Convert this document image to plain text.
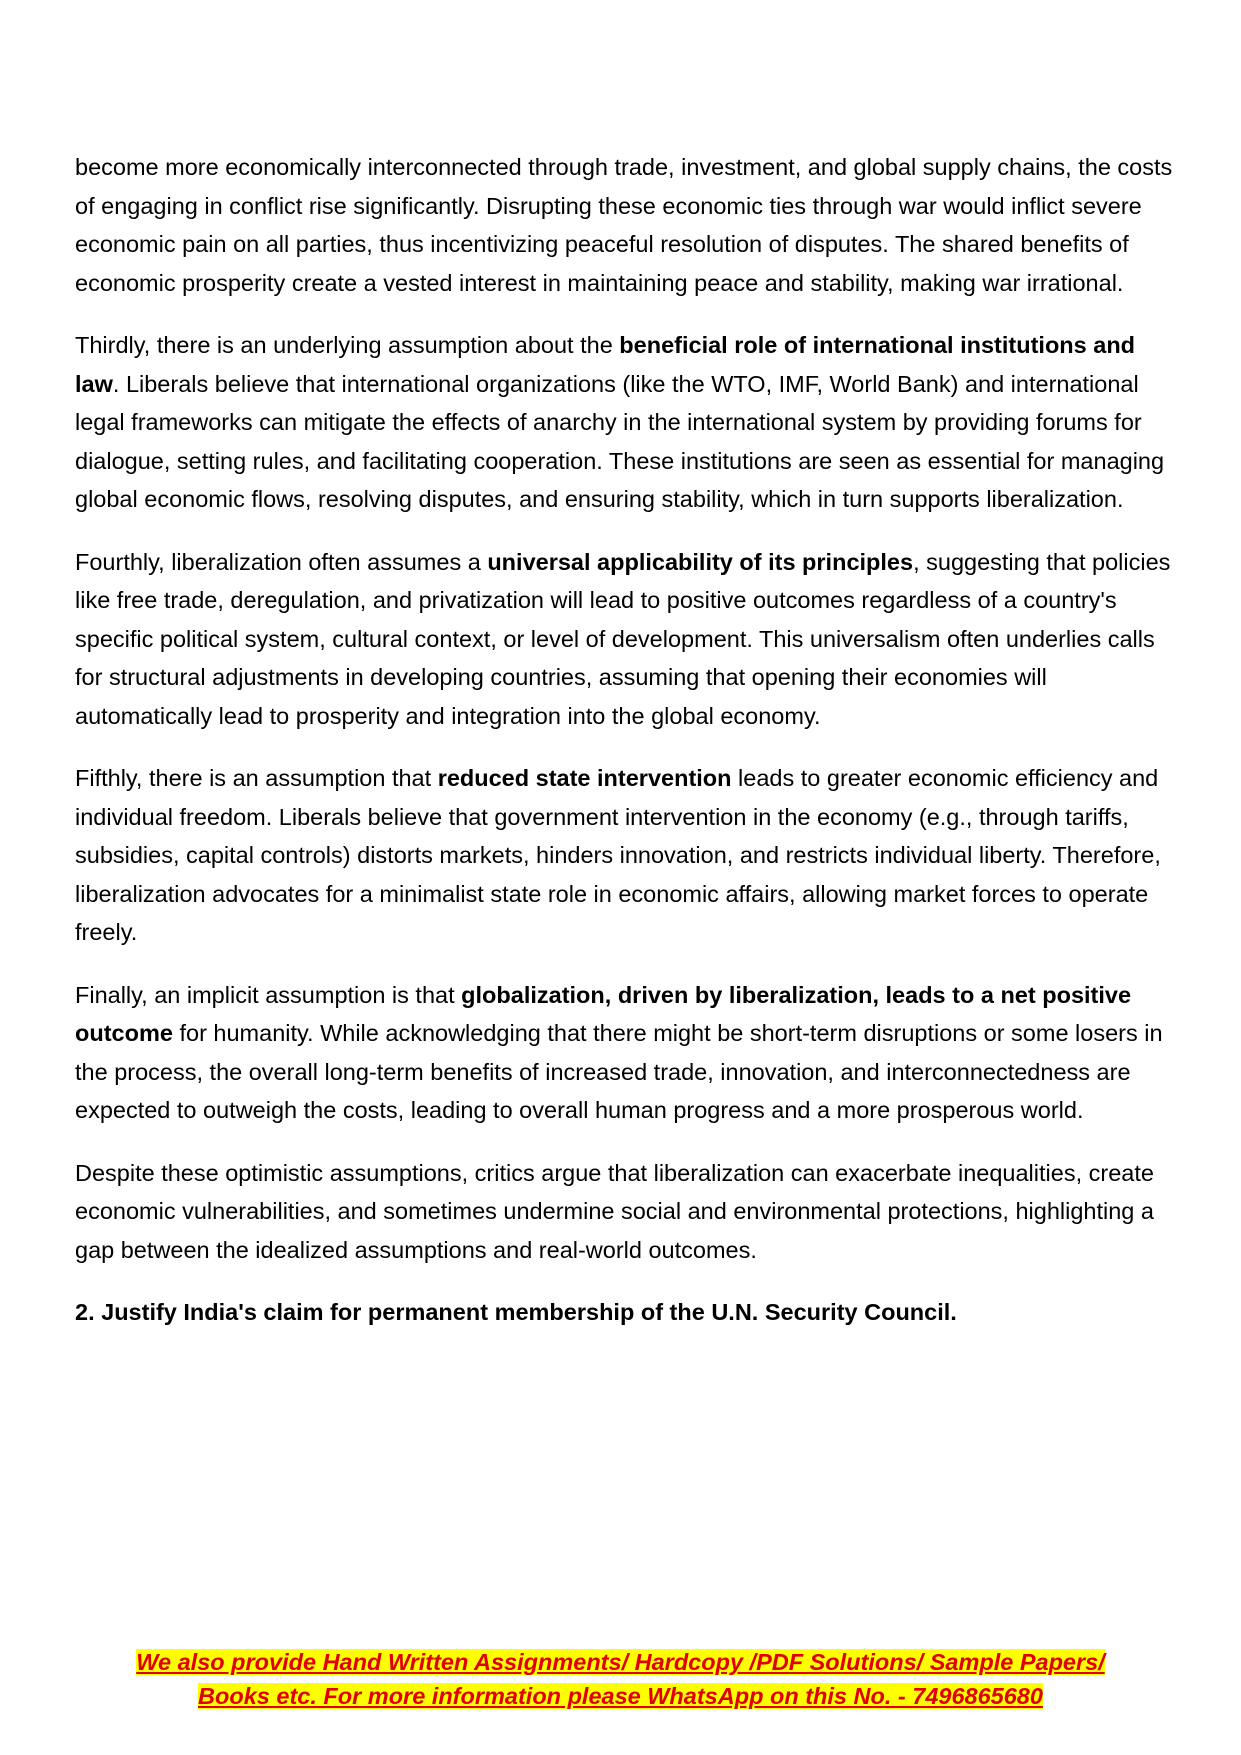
become more economically interconnected through trade, investment, and global supply chains, the costs of engaging in conflict rise significantly. Disrupting these economic ties through war would inflict severe economic pain on all parties, thus incentivizing peaceful resolution of disputes. The shared benefits of economic prosperity create a vested interest in maintaining peace and stability, making war irrational.

Thirdly, there is an underlying assumption about the beneficial role of international institutions and law. Liberals believe that international organizations (like the WTO, IMF, World Bank) and international legal frameworks can mitigate the effects of anarchy in the international system by providing forums for dialogue, setting rules, and facilitating cooperation. These institutions are seen as essential for managing global economic flows, resolving disputes, and ensuring stability, which in turn supports liberalization.

Fourthly, liberalization often assumes a universal applicability of its principles, suggesting that policies like free trade, deregulation, and privatization will lead to positive outcomes regardless of a country's specific political system, cultural context, or level of development. This universalism often underlies calls for structural adjustments in developing countries, assuming that opening their economies will automatically lead to prosperity and integration into the global economy.

Fifthly, there is an assumption that reduced state intervention leads to greater economic efficiency and individual freedom. Liberals believe that government intervention in the economy (e.g., through tariffs, subsidies, capital controls) distorts markets, hinders innovation, and restricts individual liberty. Therefore, liberalization advocates for a minimalist state role in economic affairs, allowing market forces to operate freely.

Finally, an implicit assumption is that globalization, driven by liberalization, leads to a net positive outcome for humanity. While acknowledging that there might be short-term disruptions or some losers in the process, the overall long-term benefits of increased trade, innovation, and interconnectedness are expected to outweigh the costs, leading to overall human progress and a more prosperous world.

Despite these optimistic assumptions, critics argue that liberalization can exacerbate inequalities, create economic vulnerabilities, and sometimes undermine social and environmental protections, highlighting a gap between the idealized assumptions and real-world outcomes.

2. Justify India's claim for permanent membership of the U.N. Security Council.

We also provide Hand Written Assignments/ Hardcopy /PDF Solutions/ Sample Papers/
Books etc. For more information please WhatsApp on this No. - 7496865680
